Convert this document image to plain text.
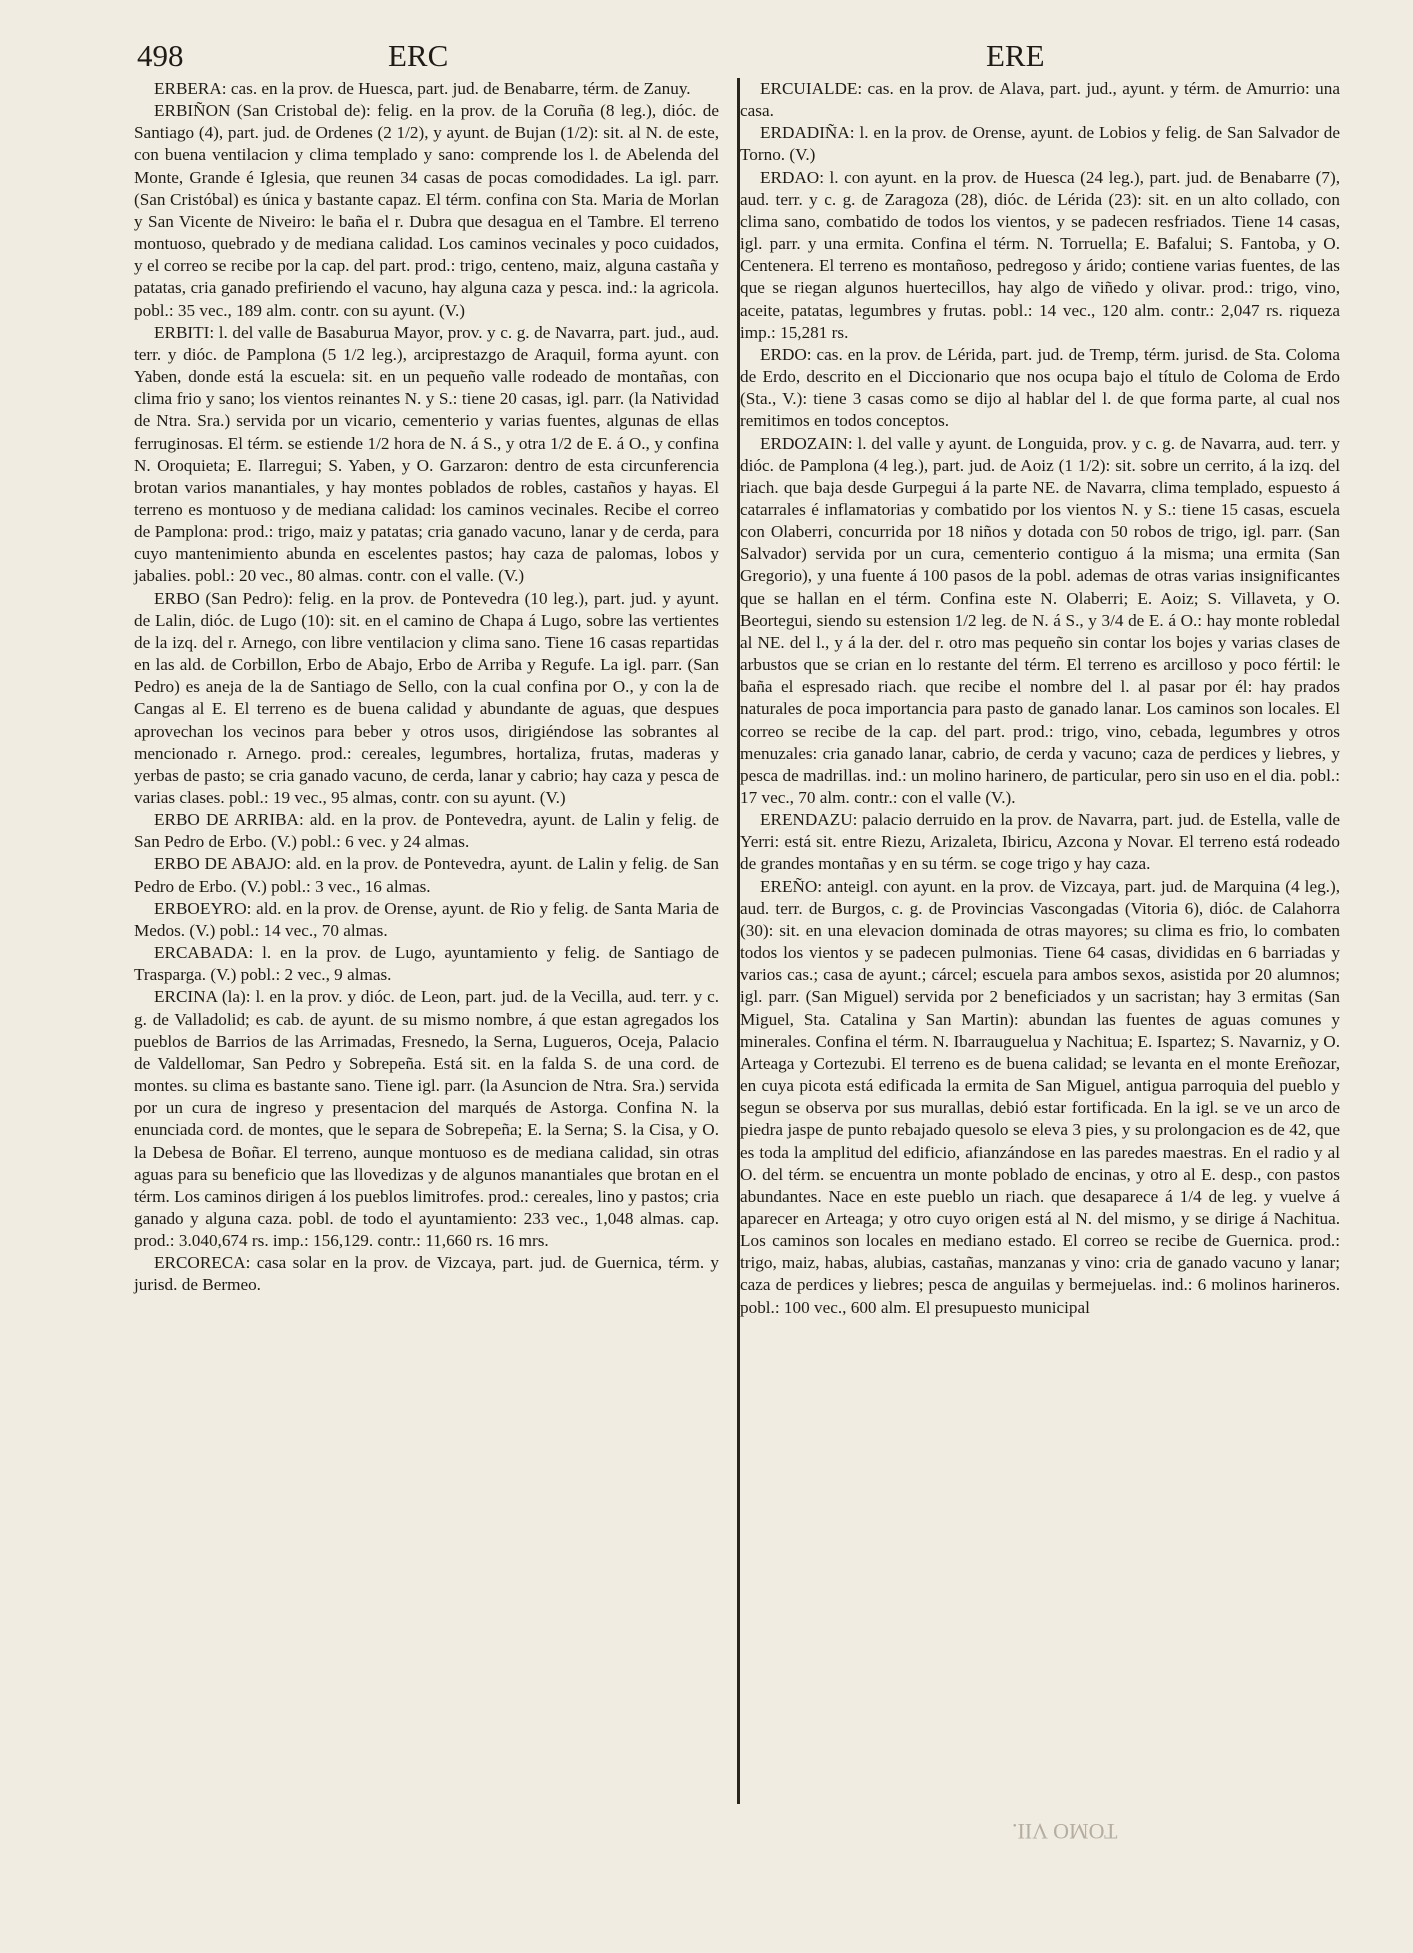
498	ERC	ERE

ERBERA: cas. en la prov. de Huesca, part. jud. de Benabarre, térm. de Zanuy.

ERBIÑON (San Cristobal de): felig. en la prov. de la Coruña (8 leg.), dióc. de Santiago (4), part. jud. de Ordenes (2 1/2), y ayunt. de Bujan (1/2): sit. al N. de este, con buena ventilacion y clima templado y sano: comprende los l. de Abelenda del Monte, Grande é Iglesia, que reunen 34 casas de pocas comodidades. La igl. parr. (San Cristóbal) es única y bastante capaz. El térm. confina con Sta. Maria de Morlan y San Vicente de Niveiro: le baña el r. Dubra que desagua en el Tambre. El terreno montuoso, quebrado y de mediana calidad. Los caminos vecinales y poco cuidados, y el correo se recibe por la cap. del part. prod.: trigo, centeno, maiz, alguna castaña y patatas, cria ganado prefiriendo el vacuno, hay alguna caza y pesca. ind.: la agricola. pobl.: 35 vec., 189 alm. contr. con su ayunt. (V.)

ERBITI: l. del valle de Basaburua Mayor, prov. y c. g. de Navarra, part. jud., aud. terr. y dióc. de Pamplona (5 1/2 leg.), arciprestazgo de Araquil, forma ayunt. con Yaben, donde está la escuela: sit. en un pequeño valle rodeado de montañas, con clima frio y sano; los vientos reinantes N. y S.: tiene 20 casas, igl. parr. (la Natividad de Ntra. Sra.) servida por un vicario, cementerio y varias fuentes, algunas de ellas ferruginosas. El térm. se estiende 1/2 hora de N. á S., y otra 1/2 de E. á O., y confina N. Oroquieta; E. Ilarregui; S. Yaben, y O. Garzaron: dentro de esta circunferencia brotan varios manantiales, y hay montes poblados de robles, castaños y hayas. El terreno es montuoso y de mediana calidad: los caminos vecinales. Recibe el correo de Pamplona: prod.: trigo, maiz y patatas; cria ganado vacuno, lanar y de cerda, para cuyo mantenimiento abunda en escelentes pastos; hay caza de palomas, lobos y jabalies. pobl.: 20 vec., 80 almas. contr. con el valle. (V.)

ERBO (San Pedro): felig. en la prov. de Pontevedra (10 leg.), part. jud. y ayunt. de Lalin, dióc. de Lugo (10): sit. en el camino de Chapa á Lugo, sobre las vertientes de la izq. del r. Arnego, con libre ventilacion y clima sano. Tiene 16 casas repartidas en las ald. de Corbillon, Erbo de Abajo, Erbo de Arriba y Regufe. La igl. parr. (San Pedro) es aneja de la de Santiago de Sello, con la cual confina por O., y con la de Cangas al E. El terreno es de buena calidad y abundante de aguas, que despues aprovechan los vecinos para beber y otros usos, dirigiéndose las sobrantes al mencionado r. Arnego. prod.: cereales, legumbres, hortaliza, frutas, maderas y yerbas de pasto; se cria ganado vacuno, de cerda, lanar y cabrio; hay caza y pesca de varias clases. pobl.: 19 vec., 95 almas, contr. con su ayunt. (V.)

ERBO DE ARRIBA: ald. en la prov. de Pontevedra, ayunt. de Lalin y felig. de San Pedro de Erbo. (V.) pobl.: 6 vec. y 24 almas.

ERBO DE ABAJO: ald. en la prov. de Pontevedra, ayunt. de Lalin y felig. de San Pedro de Erbo. (V.) pobl.: 3 vec., 16 almas.

ERBOEYRO: ald. en la prov. de Orense, ayunt. de Rio y felig. de Santa Maria de Medos. (V.) pobl.: 14 vec., 70 almas.

ERCABADA: l. en la prov. de Lugo, ayuntamiento y felig. de Santiago de Trasparga. (V.) pobl.: 2 vec., 9 almas.

ERCINA (la): l. en la prov. y dióc. de Leon, part. jud. de la Vecilla, aud. terr. y c. g. de Valladolid; es cab. de ayunt. de su mismo nombre, á que estan agregados los pueblos de Barrios de las Arrimadas, Fresnedo, la Serna, Lugueros, Oceja, Palacio de Valdellomar, San Pedro y Sobrepeña. Está sit. en la falda S. de una cord. de montes. su clima es bastante sano. Tiene igl. parr. (la Asuncion de Ntra. Sra.) servida por un cura de ingreso y presentacion del marqués de Astorga. Confina N. la enunciada cord. de montes, que le separa de Sobrepeña; E. la Serna; S. la Cisa, y O. la Debesa de Boñar. El terreno, aunque montuoso es de mediana calidad, sin otras aguas para su beneficio que las llovedizas y de algunos manantiales que brotan en el térm. Los caminos dirigen á los pueblos limitrofes. prod.: cereales, lino y pastos; cria ganado y alguna caza. pobl. de todo el ayuntamiento: 233 vec., 1,048 almas. cap. prod.: 3.040,674 rs. imp.: 156,129. contr.: 11,660 rs. 16 mrs.

ERCORECA: casa solar en la prov. de Vizcaya, part. jud. de Guernica, térm. y jurisd. de Bermeo.

ERCUIALDE: cas. en la prov. de Alava, part. jud., ayunt. y térm. de Amurrio: una casa.

ERDADIÑA: l. en la prov. de Orense, ayunt. de Lobios y felig. de San Salvador de Torno. (V.)

ERDAO: l. con ayunt. en la prov. de Huesca (24 leg.), part. jud. de Benabarre (7), aud. terr. y c. g. de Zaragoza (28), dióc. de Lérida (23): sit. en un alto collado, con clima sano, combatido de todos los vientos, y se padecen resfriados. Tiene 14 casas, igl. parr. y una ermita. Confina el térm. N. Torruella; E. Bafalui; S. Fantoba, y O. Centenera. El terreno es montañoso, pedregoso y árido; contiene varias fuentes, de las que se riegan algunos huertecillos, hay algo de viñedo y olivar. prod.: trigo, vino, aceite, patatas, legumbres y frutas. pobl.: 14 vec., 120 alm. contr.: 2,047 rs. riqueza imp.: 15,281 rs.

ERDO: cas. en la prov. de Lérida, part. jud. de Tremp, térm. jurisd. de Sta. Coloma de Erdo, descrito en el Diccionario que nos ocupa bajo el título de Coloma de Erdo (Sta., V.): tiene 3 casas como se dijo al hablar del l. de que forma parte, al cual nos remitimos en todos conceptos.

ERDOZAIN: l. del valle y ayunt. de Longuida, prov. y c. g. de Navarra, aud. terr. y dióc. de Pamplona (4 leg.), part. jud. de Aoiz (1 1/2): sit. sobre un cerrito, á la izq. del riach. que baja desde Gurpegui á la parte NE. de Navarra, clima templado, espuesto á catarrales é inflamatorias y combatido por los vientos N. y S.: tiene 15 casas, escuela con Olaberri, concurrida por 18 niños y dotada con 50 robos de trigo, igl. parr. (San Salvador) servida por un cura, cementerio contiguo á la misma; una ermita (San Gregorio), y una fuente á 100 pasos de la pobl. ademas de otras varias insignificantes que se hallan en el térm. Confina este N. Olaberri; E. Aoiz; S. Villaveta, y O. Beortegui, siendo su estension 1/2 leg. de N. á S., y 3/4 de E. á O.: hay monte robledal al NE. del l., y á la der. del r. otro mas pequeño sin contar los bojes y varias clases de arbustos que se crian en lo restante del térm. El terreno es arcilloso y poco fértil: le baña el espresado riach. que recibe el nombre del l. al pasar por él: hay prados naturales de poca importancia para pasto de ganado lanar. Los caminos son locales. El correo se recibe de la cap. del part. prod.: trigo, vino, cebada, legumbres y otros menuzales: cria ganado lanar, cabrio, de cerda y vacuno; caza de perdices y liebres, y pesca de madrillas. ind.: un molino harinero, de particular, pero sin uso en el dia. pobl.: 17 vec., 70 alm. contr.: con el valle (V.).

ERENDAZU: palacio derruido en la prov. de Navarra, part. jud. de Estella, valle de Yerri: está sit. entre Riezu, Arizaleta, Ibiricu, Azcona y Novar. El terreno está rodeado de grandes montañas y en su térm. se coge trigo y hay caza.

EREÑO: anteigl. con ayunt. en la prov. de Vizcaya, part. jud. de Marquina (4 leg.), aud. terr. de Burgos, c. g. de Provincias Vascongadas (Vitoria 6), dióc. de Calahorra (30): sit. en una elevacion dominada de otras mayores; su clima es frio, lo combaten todos los vientos y se padecen pulmonias. Tiene 64 casas, divididas en 6 barriadas y varios cas.; casa de ayunt.; cárcel; escuela para ambos sexos, asistida por 20 alumnos; igl. parr. (San Miguel) servida por 2 beneficiados y un sacristan; hay 3 ermitas (San Miguel, Sta. Catalina y San Martin): abundan las fuentes de aguas comunes y minerales. Confina el térm. N. Ibarrauguelua y Nachitua; E. Ispartez; S. Navarniz, y O. Arteaga y Cortezubi. El terreno es de buena calidad; se levanta en el monte Ereñozar, en cuya picota está edificada la ermita de San Miguel, antigua parroquia del pueblo y segun se observa por sus murallas, debió estar fortificada. En la igl. se ve un arco de piedra jaspe de punto rebajado quesolo se eleva 3 pies, y su prolongacion es de 42, que es toda la amplitud del edificio, afianzándose en las paredes maestras. En el radio y al O. del térm. se encuentra un monte poblado de encinas, y otro al E. desp., con pastos abundantes. Nace en este pueblo un riach. que desaparece á 1/4 de leg. y vuelve á aparecer en Arteaga; y otro cuyo origen está al N. del mismo, y se dirige á Nachitua. Los caminos son locales en mediano estado. El correo se recibe de Guernica. prod.: trigo, maiz, habas, alubias, castañas, manzanas y vino: cria de ganado vacuno y lanar; caza de perdices y liebres; pesca de anguilas y bermejuelas. ind.: 6 molinos harineros. pobl.: 100 vec., 600 alm. El presupuesto municipal

TOMO VII.
